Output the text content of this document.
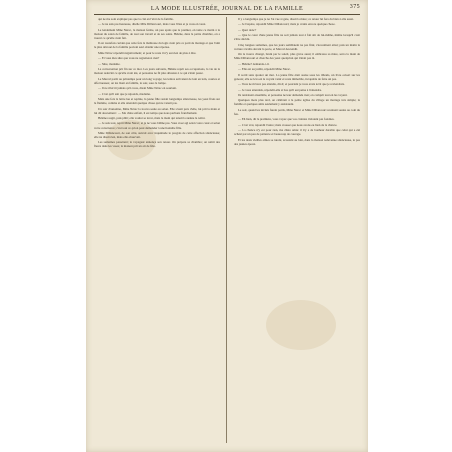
LA MODE ILLUSTRÉE, JOURNAL DE LA FAMILLE	375

qui ne me sont expliqué pas que la cité en l'abri de la famille.

— Je ne suis pas heureuse, ditelle Mlle Dillancourt, mais vous l'êtes et je vous en veux.

Le lendemain Mme Nérac, la maison ferme, un peu après que le premier, en tante ce matin à la maison du salon de famille, de tout son travail et de ses soins. Hélène, dans la petite chambre, on a trouvé ce qu'elle avait fait.

Il est toutefois certain que cette fois la maîtresse du logis avait pris ce parti de mariage et que l'ami le plus dévoué de la famille pouvait seul obtenir une réponse.

Mme Nérac répondit négativement; et pour le reste il n'y eut rien de plus à dire.

— Et vous êtes sûre que vous ne regretterez rien?

— Sûre, madame.

La conversation prit fin sur ce mot. Les jours suivants, Hélène reprit ses occupations, la vie de la maison redevint ce qu'elle avait été, et personne ne fit plus allusion à ce qui s'était passé.

Le Marcel partit au printemps pour un long voyage; les lettres arrivaient de loin en loin, courtes et affectueuses; on les lisait en famille, le soir, sous la lampe.

— Il ne m'écrit jamais qu'à vous, disait Mme Nérac en souriant.

— C'est qu'il sait que je réponds, madame.

Mais une fois la lettre lue et repliée, la jeune fille restait longtemps silencieuse, les yeux fixés sur la flamme, comme si elle attendait quelque chose qui ne venait pas.

Un soir d'automne, Mme Nérac la trouva seule au salon. Elle s'assit près d'elle, lui prit la main et lui dit doucement : — Ma chère enfant, il est temps que nous parlions franchement.

Hélène rougit, puis pâlit; elle voulut se lever, mais la main qui tenait la sienne la retint.

— Je sais tout, reprit Mme Nérac; et je ne vous blâme pas. Vous avez agi selon votre cœur et selon votre conscience; c'est tout ce qu'on peut demander à une honnête fille.

Mme Dillancourt, de son côté, suivait avec inquiétude le progrès de cette affection silencieuse; elle ne disait rien, mais elle observait.

Les semaines passèrent; le voyageur annonça son retour. On prépara sa chambre; on remit des fleurs dans les vases; la maison prit un air de fête.

Il y a longtemps que je ne l'ai vue si gaie, disait la mère; ce retour lui fera du bien à elle aussi.

— Je l'espère, répondit Mme Dillancourt; mais je crains encore quelque chose.

— Quoi donc?

— Que le cœur d'une jeune fille ne soit jamais tout à fait sûr de lui-même, même lorsqu'il croit s'être décidé.

Cinq longues semaines, que les jours semblaient ne pas finir, s'écoulèrent ainsi; puis un matin la voiture s'arrêta devant la porte, et Marcel descendit.

On le trouva changé, bruni par le soleil, plus grave aussi; il embrassa sa mère, serra la main de Mme Dillancourt et chercha des yeux quelqu'un qui n'était pas là.

— Hélène? demanda-t-il.

— Elle est au jardin, répondit Mme Nérac.

Il sortit sans ajouter un mot. La jeune fille était assise sous les tilleuls, un livre ouvert sur les genoux; elle se leva en le voyant venir et resta immobile, incapable de faire un pas.

— Vous ne m'avez pas attendu, dit-il; et pourtant je vous avais écrit que je reviendrais.

— Je vous attendais, répondit-elle si bas qu'il eut peine à l'entendre.

Ils rentrèrent ensemble, et personne ne leur demanda rien; on comprit tout en les voyant.

Quelques mois plus tard, on célébrait à la petite église du village un mariage très simple; la famille et quelques amis seulement y assistaient.

Le soir, quand les invités furent partis, Mme Nérac et Mme Dillancourt restèrent seules au coin du feu.

— Eh bien, dit la première, vous voyez que vos craintes n'étaient pas fondées.

— C'est vrai, répondit l'autre; mais avouez que nous avons eu bien de la chance.

— La chance n'y est pour rien, ma chère amie: il n'y a de bonheur durable que celui qui a été acheté par un peu de patience et beaucoup de courage.

Et les deux vieilles amies se turent, écoutant au loin, dans la maison redevenue silencieuse, le pas des jeunes époux.
